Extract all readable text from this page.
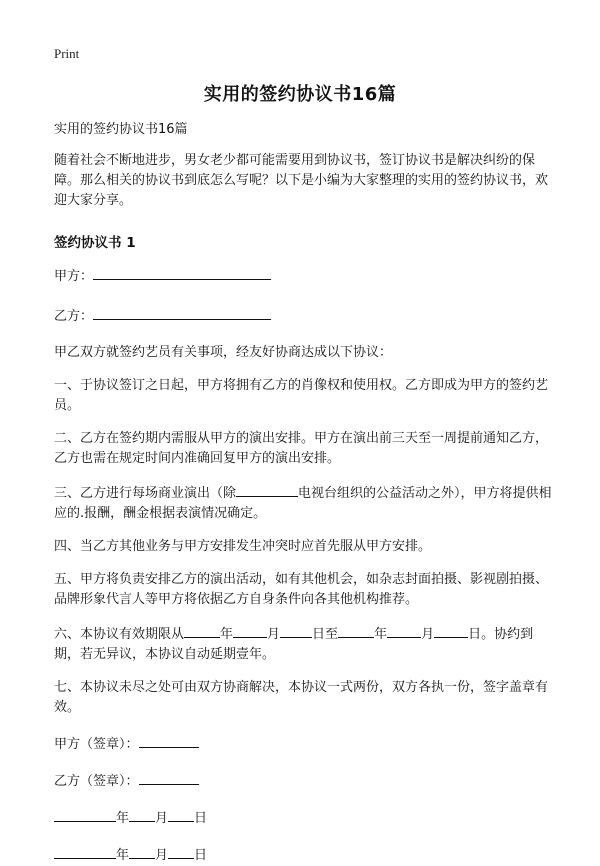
Print
实用的签约协议书16篇

实用的签约协议书16篇

随着社会不断地进步，男女老少都可能需要用到协议书，签订协议书是解决纠纷的保障。那么相关的协议书到底怎么写呢？以下是小编为大家整理的实用的签约协议书，欢迎大家分享。

签约协议书 1

甲方：

乙方：

甲乙双方就签约艺员有关事项，经友好协商达成以下协议：

一、于协议签订之日起，甲方将拥有乙方的肖像权和使用权。乙方即成为甲方的签约艺员。

二、乙方在签约期内需服从甲方的演出安排。甲方在演出前三天至一周提前通知乙方，乙方也需在规定时间内准确回复甲方的演出安排。

三、乙方进行每场商业演出（除	电视台组织的公益活动之外），甲方将提供相应的.报酬，酬金根据表演情况确定。

四、当乙方其他业务与甲方安排发生冲突时应首先服从甲方安排。

五、甲方将负责安排乙方的演出活动，如有其他机会，如杂志封面拍摄、影视剧拍摄、品牌形象代言人等甲方将依据乙方自身条件向各其他机构推荐。

六、本协议有效期限从	年	月 日至	年	月	日。协约到期，若无异议，本协议自动延期壹年。

七、本协议未尽之处可由双方协商解决，本协议一式两份，双方各执一份，签字盖章有效。

甲方（签章）：

乙方（签章）：

年 月 日

年 月 日
